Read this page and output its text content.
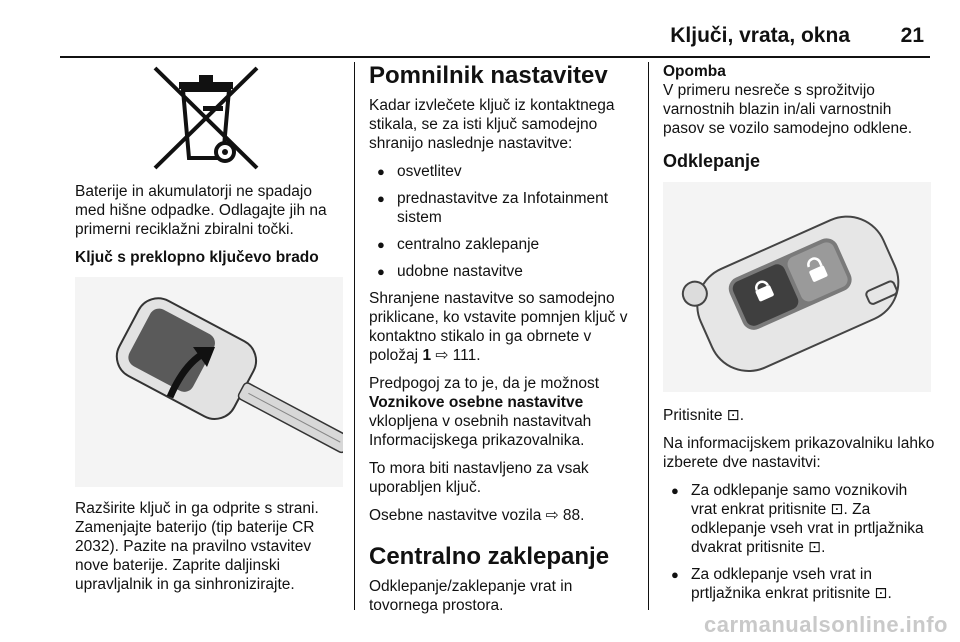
Ključi, vrata, okna 21

Baterije in akumulatorji ne spadajo med hišne odpadke. Odlagajte jih na primerni reciklažni zbiralni točki.

Ključ s preklopno ključevo brado

Razširite ključ in ga odprite s strani. Zamenjajte baterijo (tip baterije CR 2032). Pazite na pravilno vstavitev nove baterije. Zaprite daljinski upravljalnik in ga sinhronizirajte.

Pomnilnik nastavitev

Kadar izvlečete ključ iz kontaktnega stikala, se za isti ključ samodejno shranijo naslednje nastavitve:

● osvetlitev
● prednastavitve za Infotainment sistem
● centralno zaklepanje
● udobne nastavitve

Shranjene nastavitve so samodejno priklicane, ko vstavite pomnjen ključ v kontaktno stikalo in ga obrnete v položaj 1 ⇨ 111.

Predpogoj za to je, da je možnost
Voznikove osebne nastavitve
vklopljena v osebnih nastavitvah Informacijskega prikazovalnika.

To mora biti nastavljeno za vsak uporabljen ključ.

Osebne nastavitve vozila ⇨ 88.

Centralno zaklepanje

Odklepanje/zaklepanje vrat in tovornega prostora.

Opomba

V primeru nesreče s sprožitvijo varnostnih blazin in/ali varnostnih pasov se vozilo samodejno odklene.

Odklepanje

Pritisnite ⊡.

Na informacijskem prikazovalniku lahko izberete dve nastavitvi:

● Za odklepanje samo voznikovih vrat enkrat pritisnite ⊡. Za odklepanje vseh vrat in prtljažnika dvakrat pritisnite ⊡.
● Za odklepanje vseh vrat in prtljažnika enkrat pritisnite ⊡.
carmanualsonline.info
